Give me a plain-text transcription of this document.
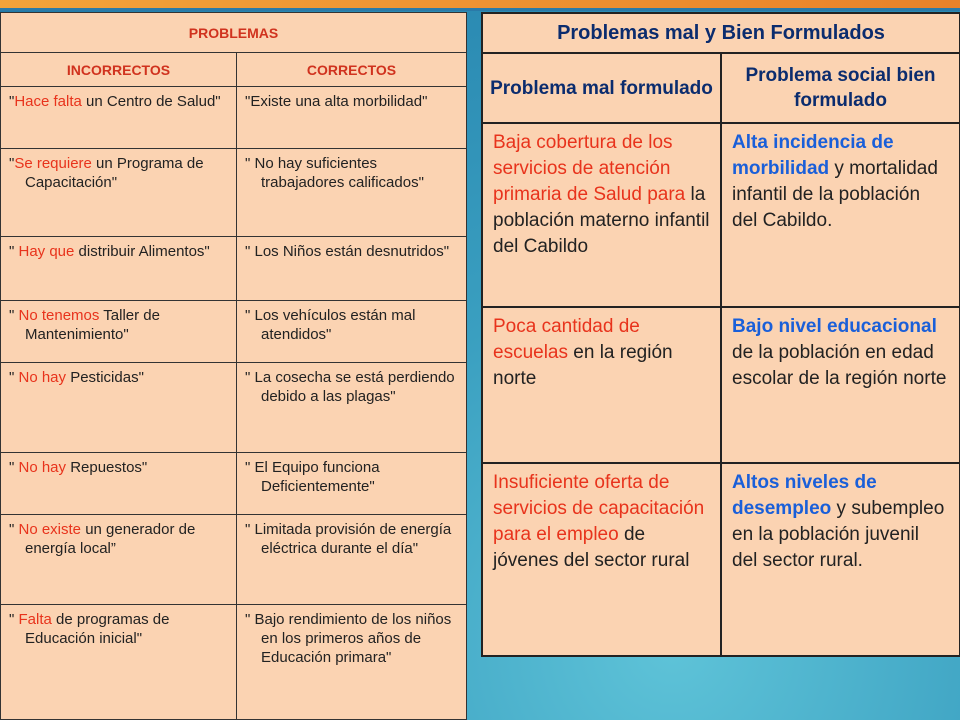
PROBLEMAS	
INCORRECTOS	CORRECTOS

"Hace falta un Centro de Salud"	"Existe una alta morbilidad"

"Se requiere un Programa de Capacitación"	" No hay suficientes trabajadores calificados"

" Hay que distribuir Alimentos"	" Los Niños están desnutridos"

" No tenemos Taller de Mantenimiento"	" Los vehículos están mal atendidos"

" No hay Pesticidas"	" La cosecha se está perdiendo debido a las plagas"

" No hay Repuestos"	" El Equipo funciona Deficientemente"

" No existe un generador de energía local”	" Limitada provisión de energía eléctrica durante el día"

" Falta de programas de Educación inicial"	" Bajo rendimiento de los niños en los primeros años de Educación primara"
Problemas mal y Bien Formulados	
Problema mal formulado	Problema social bien formulado

Baja cobertura de los servicios de atención primaria de Salud para la población materno infantil del Cabildo	Alta incidencia de morbilidad y mortalidad infantil de la población del Cabildo.

Poca cantidad de escuelas en la región norte	Bajo nivel educacional de la población en edad escolar de la región norte

Insuficiente oferta de servicios de capacitación para el empleo de jóvenes del sector rural	Altos niveles de desempleo y subempleo en la población juvenil del sector rural.
